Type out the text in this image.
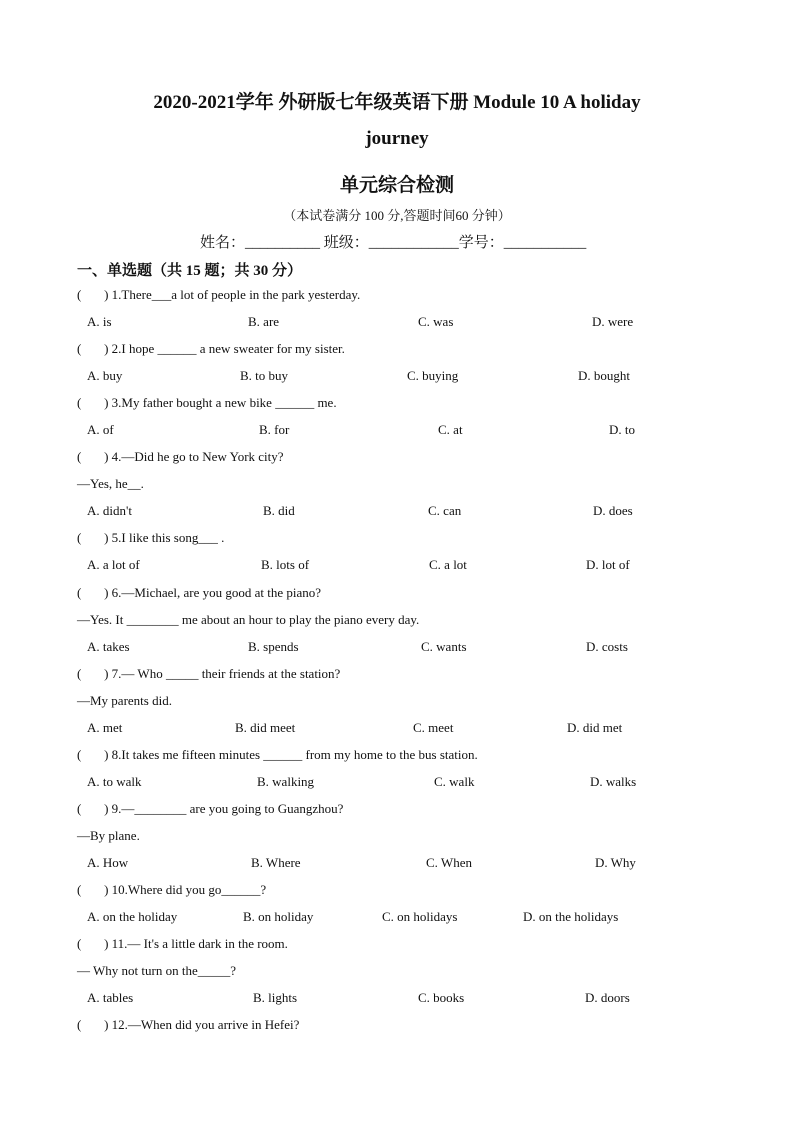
2020-2021学年 外研版七年级英语下册 Module 10 A holiday
journey
单元综合检测
（本试卷满分 100 分,答题时间60 分钟）
姓名：__________ 班级：____________学号：___________
一、单选题（共 15 题；共 30 分）
(       ) 1.There___a lot of people in the park yesterday.
A. is	B. are	C. was	D. were
(       ) 2.I hope ______ a new sweater for my sister.
A. buy	B. to buy	C. buying	D. bought
(       ) 3.My father bought a new bike ______ me.
A. of	B. for	C. at	D. to
(       ) 4.—Did he go to New York city?
—Yes, he__.
A. didn't	B. did	C. can	D. does
(       ) 5.I like this song___ .
A. a lot of	B. lots of	C. a lot	D. lot of
(       ) 6.—Michael, are you good at the piano?
—Yes. It ________ me about an hour to play the piano every day.
A. takes	B. spends	C. wants	D. costs
(       ) 7.— Who _____ their friends at the station?
—My parents did.
A. met	B. did meet	C. meet	D. did met
(       ) 8.It takes me fifteen minutes ______ from my home to the bus station.
A. to walk	B. walking	C. walk	D. walks
(       ) 9.—________ are you going to Guangzhou?
—By plane.
A. How	B. Where	C. When	D. Why
(       ) 10.Where did you go______?
A. on the holiday	B. on holiday	C. on holidays	D. on the holidays
(       ) 11.— It's a little dark in the room.
— Why not turn on the_____?
A. tables	B. lights	C. books	D. doors
(       ) 12.—When did you arrive in Hefei?
